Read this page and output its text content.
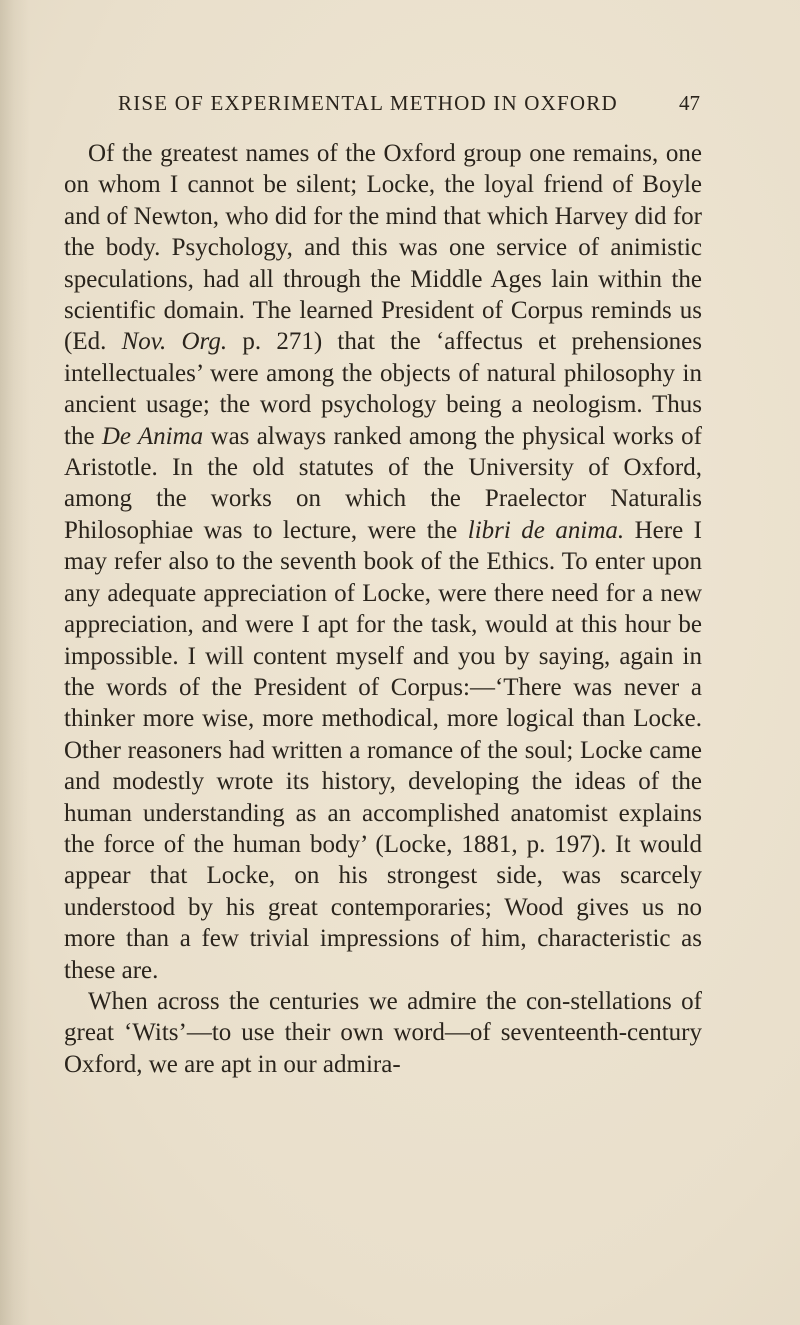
RISE OF EXPERIMENTAL METHOD IN OXFORD	47

Of the greatest names of the Oxford group one remains, one on whom I cannot be silent; Locke, the loyal friend of Boyle and of Newton, who did for the mind that which Harvey did for the body. Psychology, and this was one service of animistic speculations, had all through the Middle Ages lain within the scientific domain. The learned President of Corpus reminds us (Ed. Nov. Org. p. 271) that the ‘affectus et prehensiones intellectuales’ were among the objects of natural philosophy in ancient usage; the word psychology being a neologism. Thus the De Anima was always ranked among the physical works of Aristotle. In the old statutes of the University of Oxford, among the works on which the Praelector Naturalis Philosophiae was to lecture, were the libri de anima. Here I may refer also to the seventh book of the Ethics. To enter upon any adequate appreciation of Locke, were there need for a new appreciation, and were I apt for the task, would at this hour be impossible. I will content myself and you by saying, again in the words of the President of Corpus:—‘There was never a thinker more wise, more methodical, more logical than Locke. Other reasoners had written a romance of the soul; Locke came and modestly wrote its history, developing the ideas of the human understanding as an accomplished anatomist explains the force of the human body’ (Locke, 1881, p. 197). It would appear that Locke, on his strongest side, was scarcely understood by his great contemporaries; Wood gives us no more than a few trivial impressions of him, characteristic as these are.

When across the centuries we admire the con-stellations of great ‘Wits’—to use their own word—of seventeenth-century Oxford, we are apt in our admira-
